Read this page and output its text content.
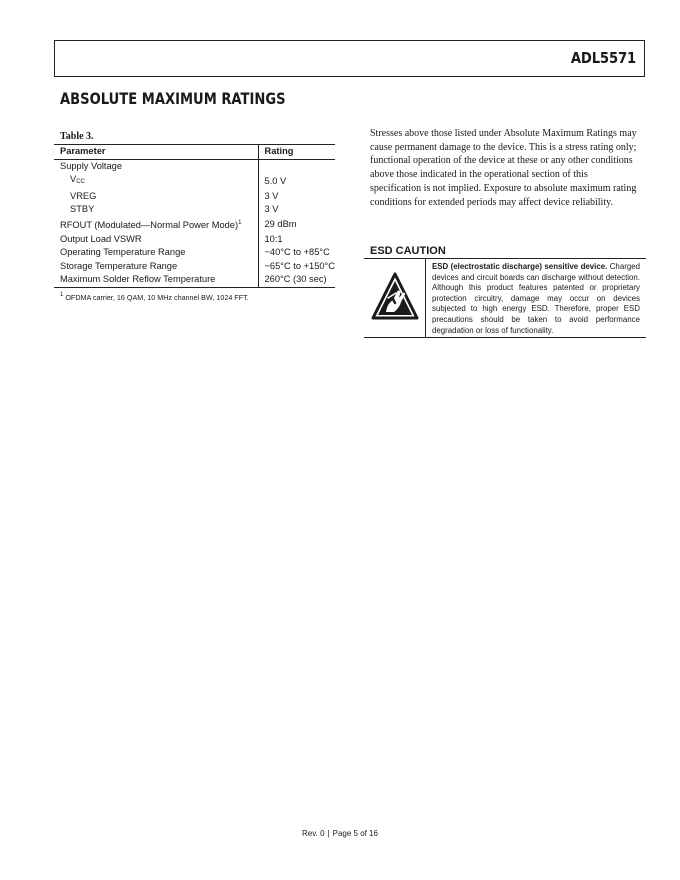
ADL5571
ABSOLUTE MAXIMUM RATINGS
Table 3.
Parameter	Rating
Supply Voltage	
VCC	5.0 V
VREG	3 V
STBY	3 V
RFOUT (Modulated—Normal Power Mode)$^1$	29 dBm
Output Load VSWR	10:1
Operating Temperature Range	−40°C to +85°C
Storage Temperature Range	−65°C to +150°C
Maximum Solder Reflow Temperature	260°C (30 sec)
$^1$ OFDMA carrier, 16 QAM, 10 MHz channel BW, 1024 FFT.
Stresses above those listed under Absolute Maximum Ratings may cause permanent damage to the device. This is a stress rating only; functional operation of the device at these or any other conditions above those indicated in the operational section of this specification is not implied. Exposure to absolute maximum rating conditions for extended periods may affect device reliability.
ESD CAUTION
ESD (electrostatic discharge) sensitive device. Charged devices and circuit boards can discharge without detection. Although this product features patented or proprietary protection circuitry, damage may occur on devices subjected to high energy ESD. Therefore, proper ESD precautions should be taken to avoid performance degradation or loss of functionality.
Rev. 0 | Page 5 of 16
